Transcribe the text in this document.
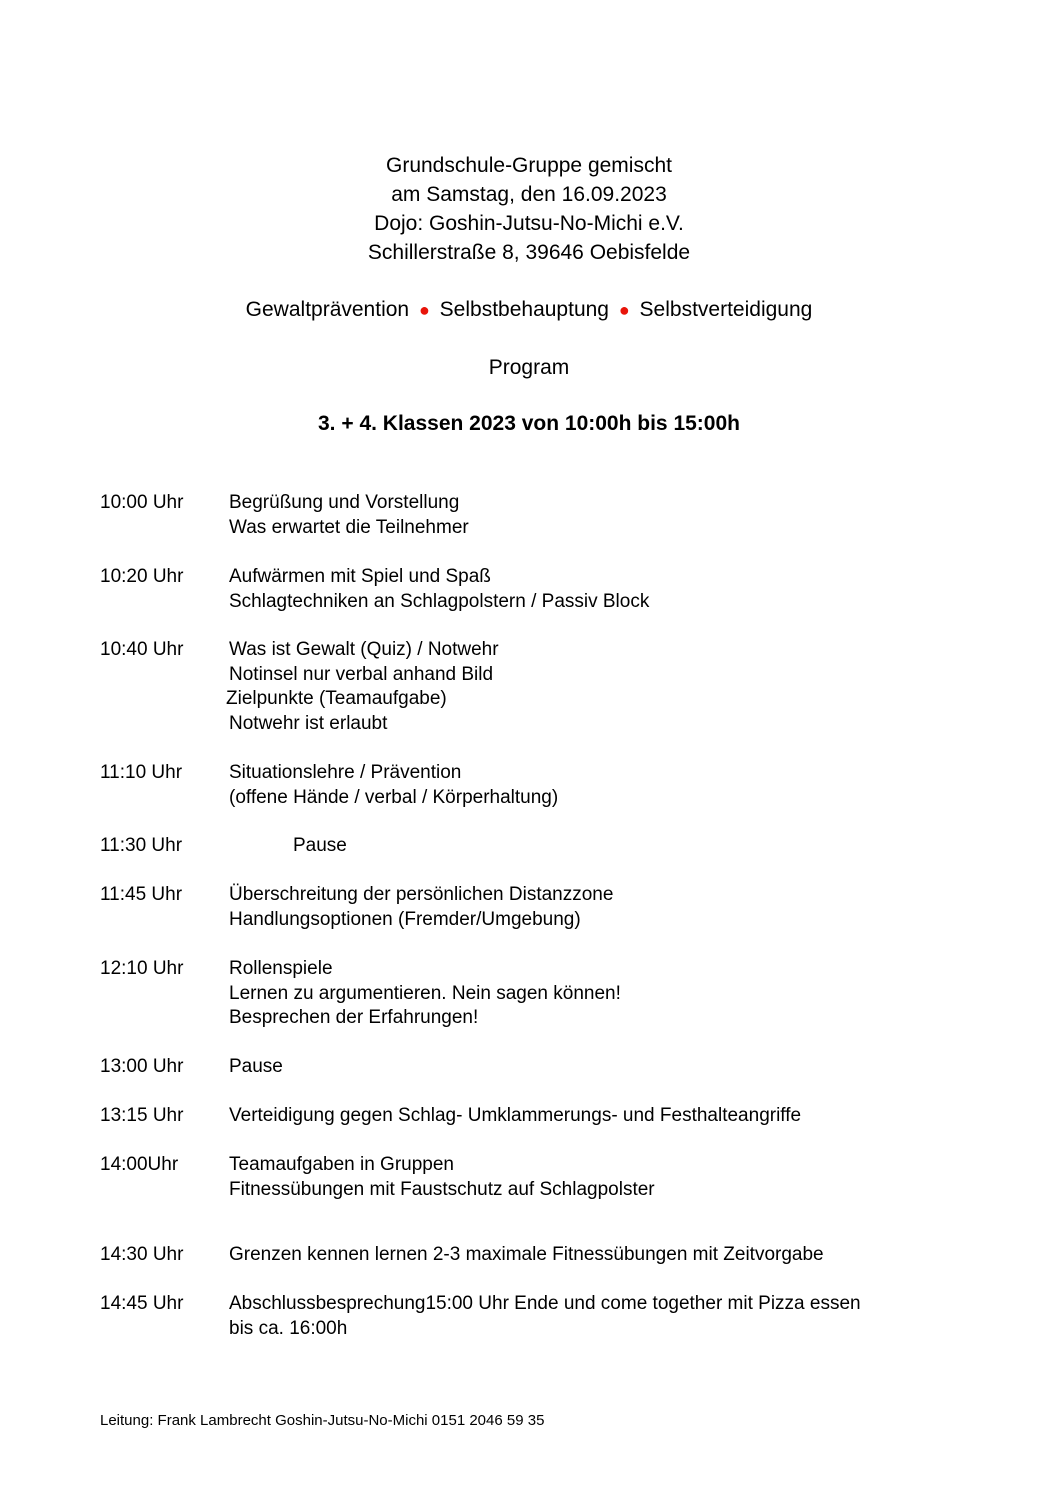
Grundschule-Gruppe gemischt
am Samstag, den 16.09.2023
Dojo: Goshin-Jutsu-No-Michi e.V.
Schillerstraße 8, 39646 Oebisfelde
Gewaltprävention ● Selbstbehauptung ● Selbstverteidigung
Program
3. + 4. Klassen 2023 von 10:00h bis 15:00h
10:00 Uhr	Begrüßung und Vorstellung
Was erwartet die Teilnehmer
10:20 Uhr	Aufwärmen mit Spiel und Spaß
Schlagtechniken an Schlagpolstern / Passiv Block
10:40 Uhr	Was ist Gewalt (Quiz) / Notwehr
Notinsel nur verbal anhand Bild
Zielpunkte (Teamaufgabe)
Notwehr ist erlaubt
11:10 Uhr	Situationslehre / Prävention
(offene Hände / verbal / Körperhaltung)
11:30 Uhr	Pause
11:45 Uhr	Überschreitung der persönlichen Distanzzone
Handlungsoptionen (Fremder/Umgebung)
12:10 Uhr	Rollenspiele
Lernen zu argumentieren. Nein sagen können!
Besprechen der Erfahrungen!
13:00 Uhr	Pause
13:15 Uhr	Verteidigung gegen Schlag- Umklammerungs- und Festhalteangriffe
14:00Uhr	Teamaufgaben in Gruppen
Fitnessübungen mit Faustschutz auf Schlagpolster
14:30 Uhr	Grenzen kennen lernen 2-3 maximale Fitnessübungen mit Zeitvorgabe
14:45 Uhr	Abschlussbesprechung15:00 Uhr Ende und come together mit Pizza essen
bis ca. 16:00h
Leitung: Frank Lambrecht Goshin-Jutsu-No-Michi 0151 2046 59 35
